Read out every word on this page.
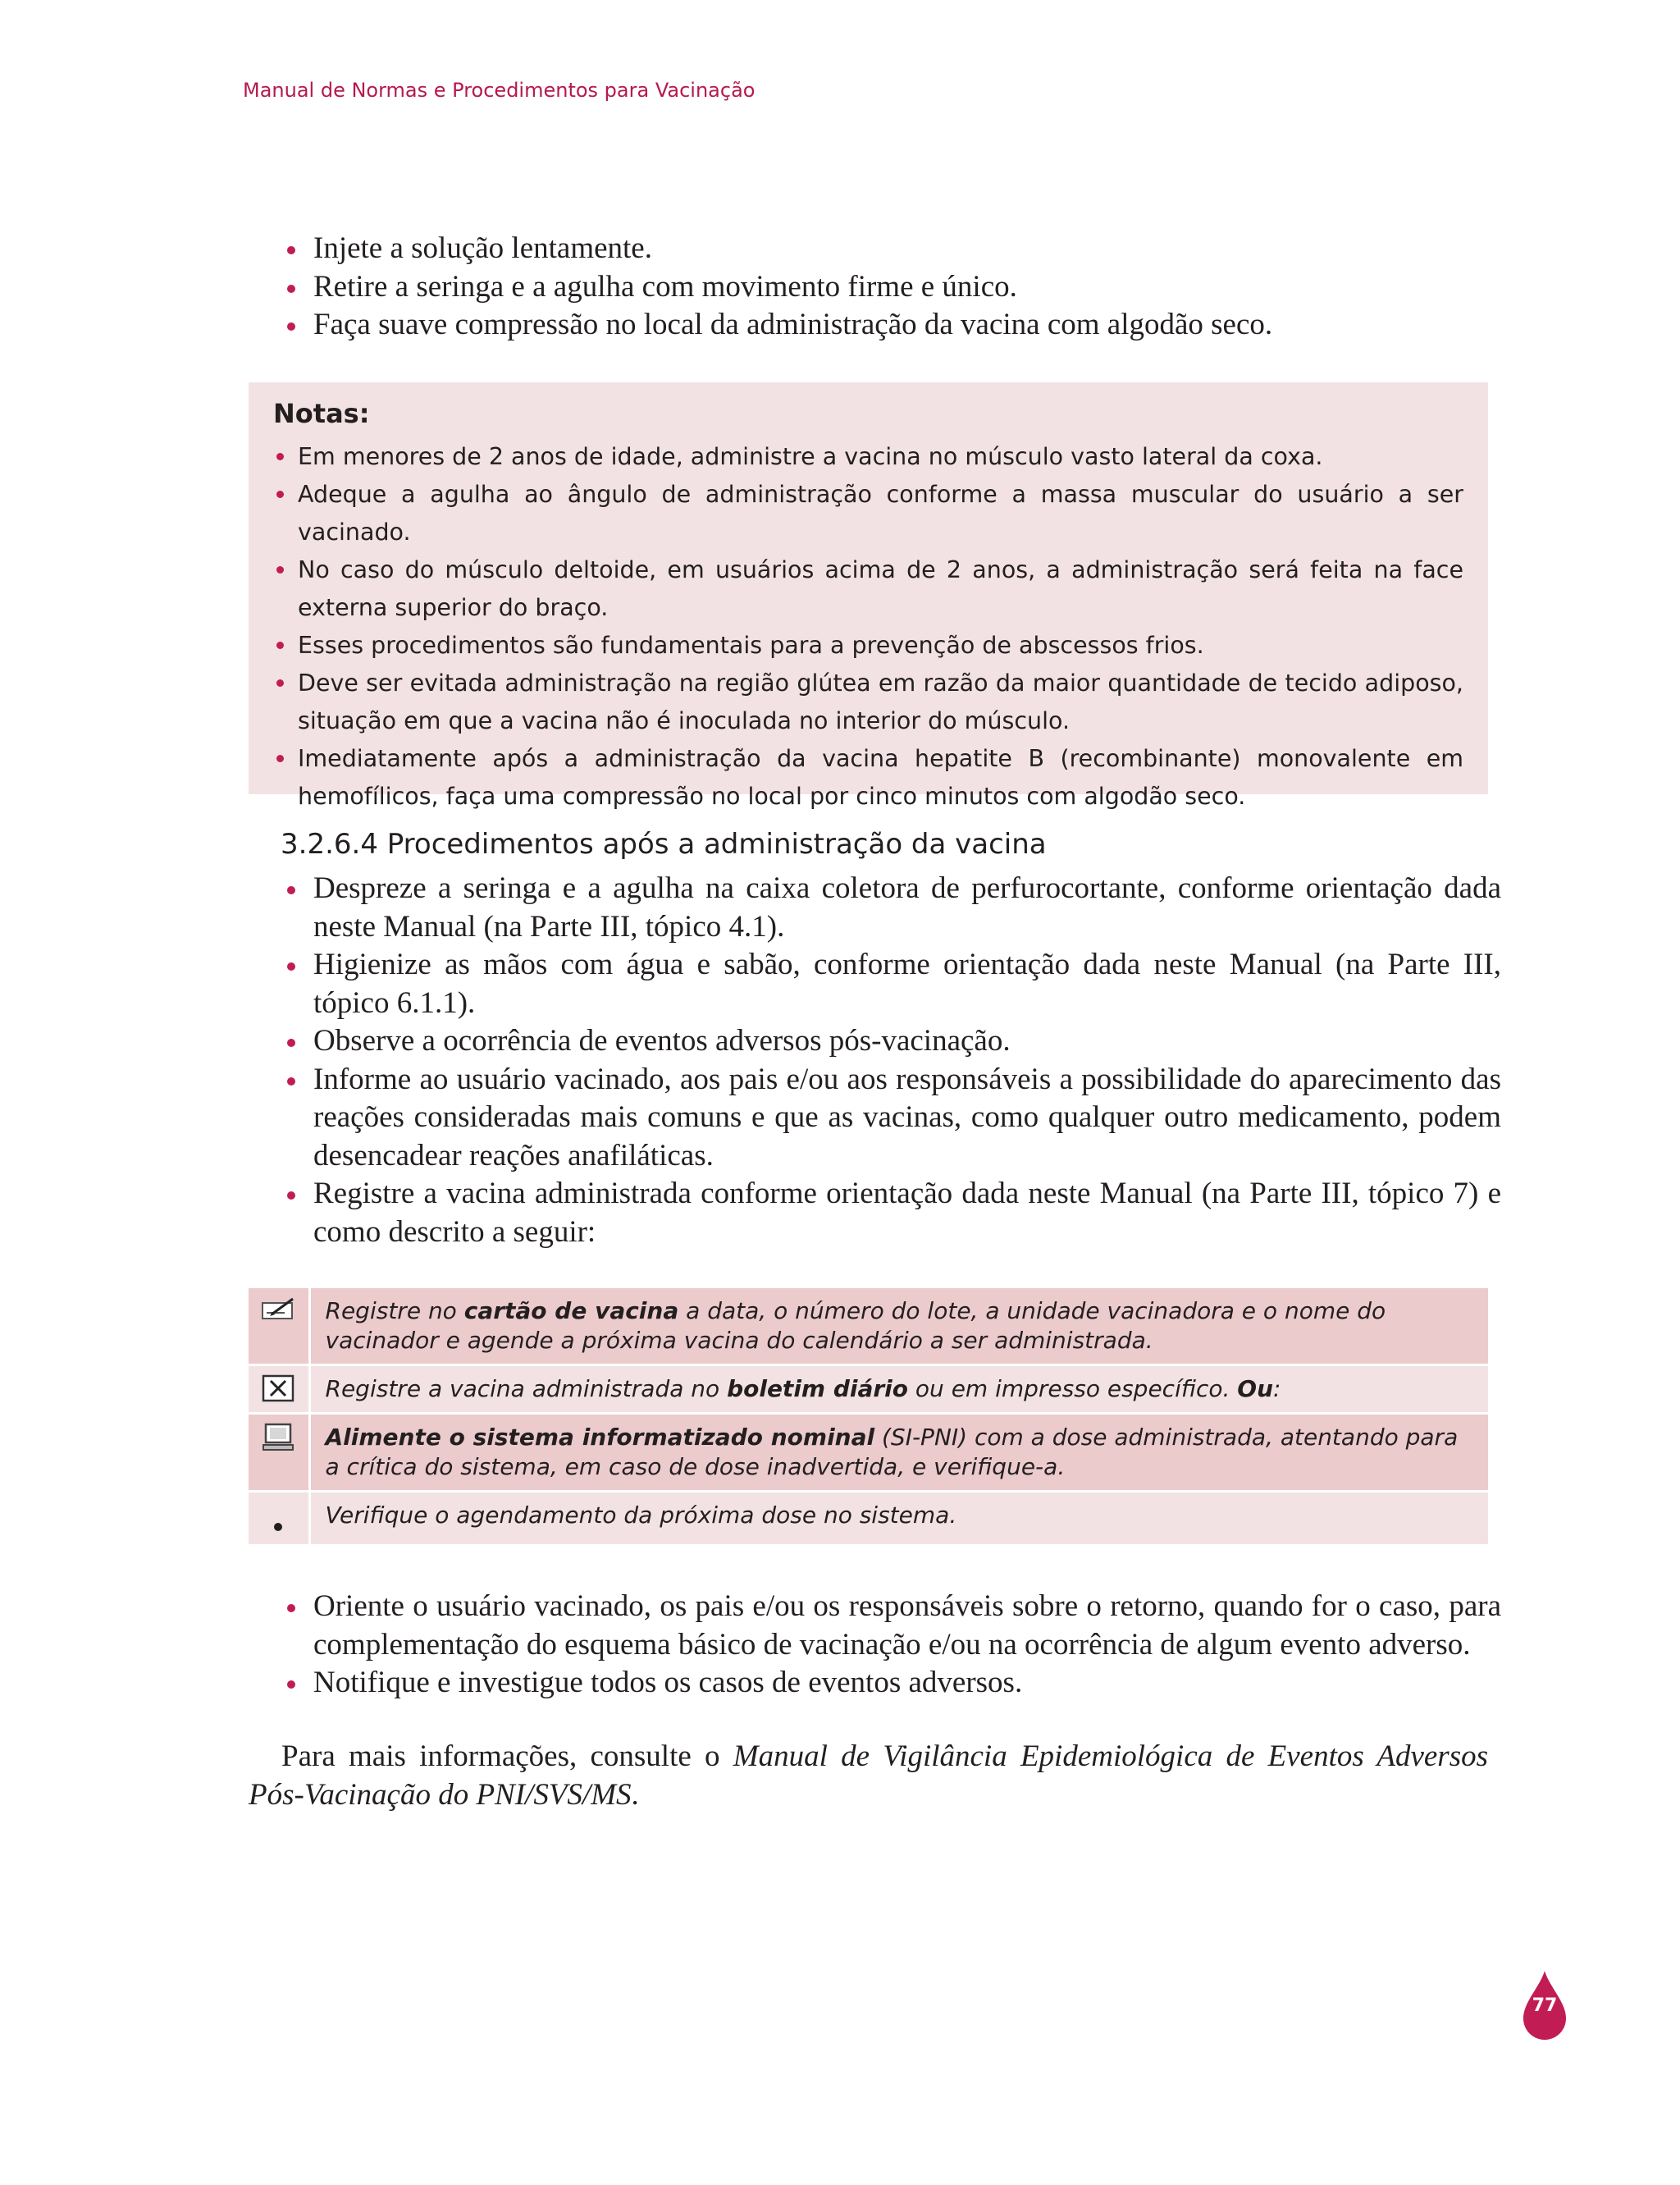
Manual de Normas e Procedimentos para Vacinação
Injete a solução lentamente.
Retire a seringa e a agulha com movimento firme e único.
Faça suave compressão no local da administração da vacina com algodão seco.
Notas:
Em menores de 2 anos de idade, administre a vacina no músculo vasto lateral da coxa.
Adeque a agulha ao ângulo de administração conforme a massa muscular do usuário a ser vacinado.
No caso do músculo deltoide, em usuários acima de 2 anos, a administração será feita na face externa superior do braço.
Esses procedimentos são fundamentais para a prevenção de abscessos frios.
Deve ser evitada administração na região glútea em razão da maior quantidade de tecido adiposo, situação em que a vacina não é inoculada no interior do músculo.
Imediatamente após a administração da vacina hepatite B (recombinante) monovalente em hemofílicos, faça uma compressão no local por cinco minutos com algodão seco.
3.2.6.4 Procedimentos após a administração da vacina
Despreze a seringa e a agulha na caixa coletora de perfurocortante, conforme orientação dada neste Manual (na Parte III, tópico 4.1).
Higienize as mãos com água e sabão, conforme orientação dada neste Manual (na Parte III, tópico 6.1.1).
Observe a ocorrência de eventos adversos pós-vacinação.
Informe ao usuário vacinado, aos pais e/ou aos responsáveis a possibilidade do aparecimento das reações consideradas mais comuns e que as vacinas, como qualquer outro medicamento, podem desencadear reações anafiláticas.
Registre a vacina administrada conforme orientação dada neste Manual (na Parte III, tópico 7) e como descrito a seguir:
	Registre no cartão de vacina a data, o número do lote, a unidade vacinadora e o nome do vacinador e agende a próxima vacina do calendário a ser administrada.
	Registre a vacina administrada no boletim diário ou em impresso específico. Ou:
	Alimente o sistema informatizado nominal (SI-PNI) com a dose administrada, atentando para a crítica do sistema, em caso de dose inadvertida, e verifique-a.
	Verifique o agendamento da próxima dose no sistema.
Oriente o usuário vacinado, os pais e/ou os responsáveis sobre o retorno, quando for o caso, para complementação do esquema básico de vacinação e/ou na ocorrência de algum evento adverso.
Notifique e investigue todos os casos de eventos adversos.

Para mais informações, consulte o Manual de Vigilância Epidemiológica de Eventos Adversos Pós-Vacinação do PNI/SVS/MS.

77
